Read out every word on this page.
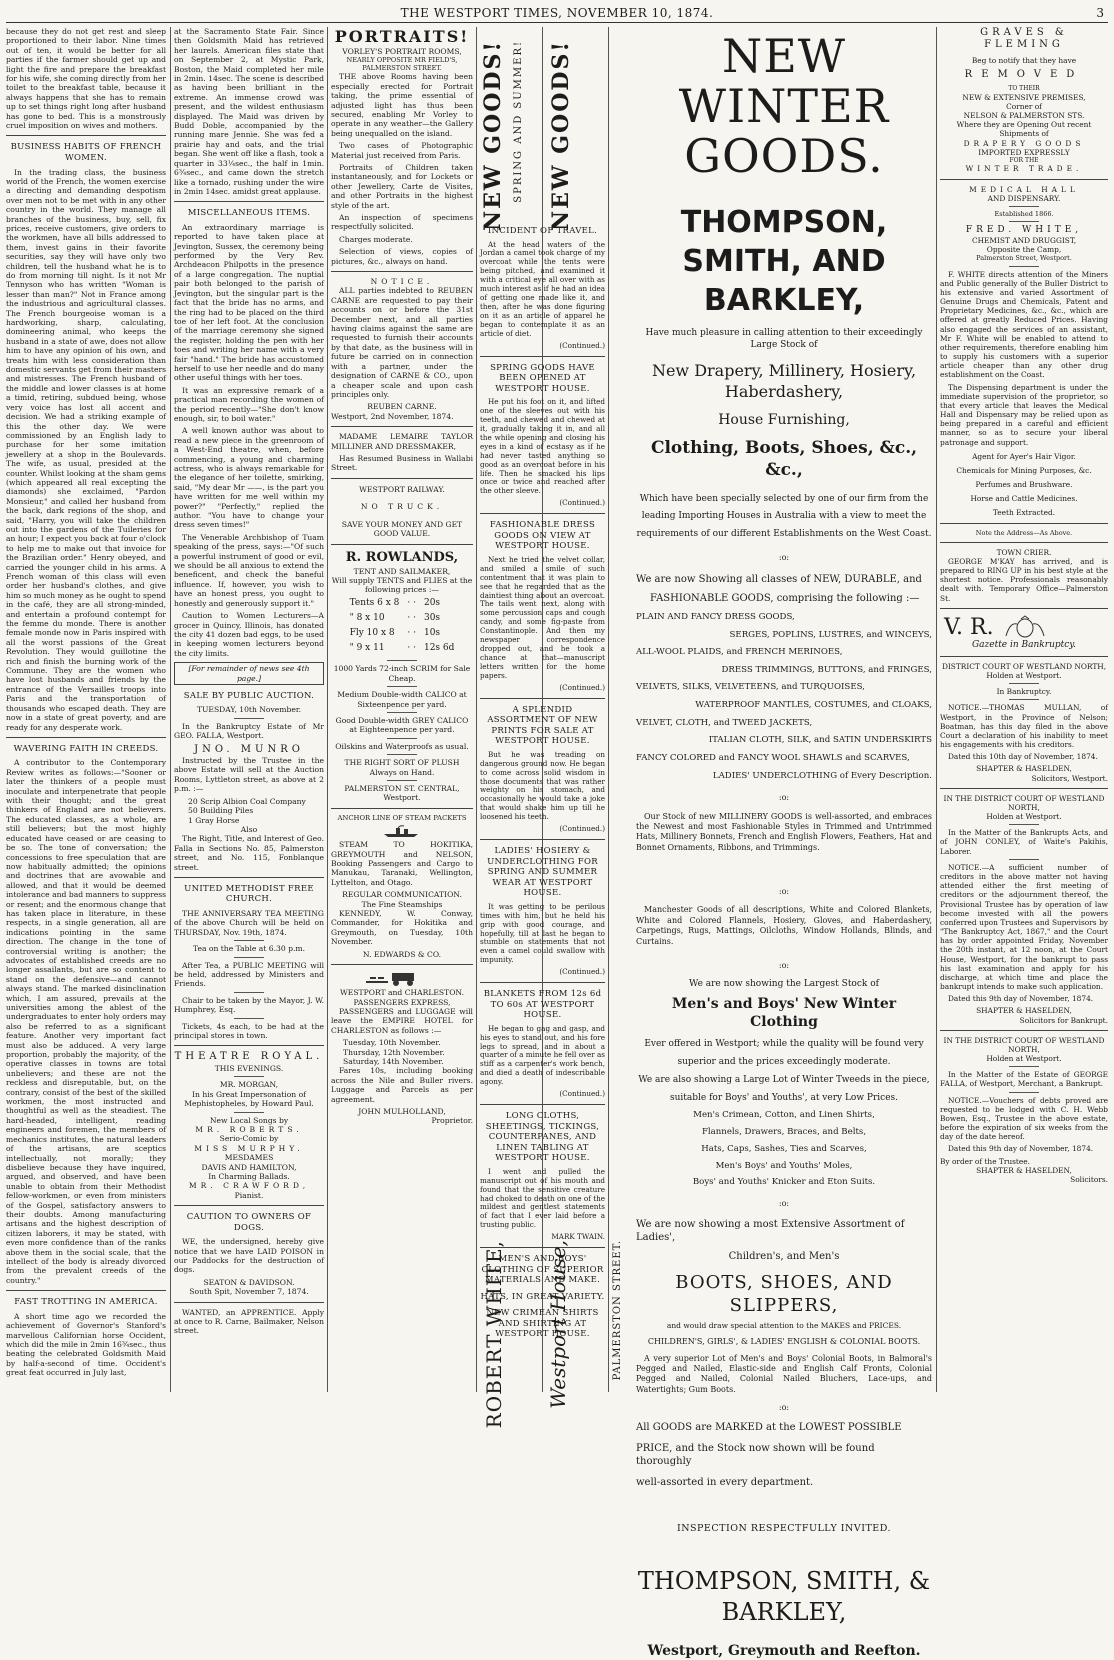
THE WESTPORT TIMES, NOVEMBER 10, 1874.	3

because they do not get rest and sleep proportioned to their labor. Nine times out of ten, it would be better for all parties if the farmer should get up and light the fire and prepare the breakfast for his wife, she coming directly from her toilet to the breakfast table, because it always happens that she has to remain up to set things right long after husband has gone to bed. This is a monstrously cruel imposition on wives and mothers.

BUSINESS HABITS OF FRENCH WOMEN.

In the trading class, the business world of the French, the women exercise a directing and demanding despotism over men not to be met with in any other country in the world. They manage all branches of the business, buy, sell, fix prices, receive customers, give orders to the workmen, have all bills addressed to them, invest gains in their favorite securities, say they will have only two children, tell the husband what he is to do from morning till night. Is it not Mr Tennyson who has written "Woman is lesser than man?" Not in France among the industrious and agricultural classes. The French bourgeoise woman is a hardworking, sharp, calculating, domineering animal, who keeps the husband in a state of awe, does not allow him to have any opinion of his own, and treats him with less consideration than domestic servants get from their masters and mistresses. The French husband of the middle and lower classes is at home a timid, retiring, subdued being, whose very voice has lost all accent and decision. We had a striking example of this the other day. We were commissioned by an English lady to purchase for her some imitation jewellery at a shop in the Boulevards. The wife, as usual, presided at the counter. Whilst looking at the sham gems (which appeared all real excepting the diamonds) she exclaimed, "Pardon Monsieur," and called her husband from the back, dark regions of the shop, and said, "Harry, you will take the children out into the gardens of the Tuileries for an hour; I expect you back at four o'clock to help me to make out that invoice for the Brazilian order." Henry obeyed, and carried the younger child in his arms. A French woman of this class will even order her husband's clothes, and give him so much money as he ought to spend in the café, they are all strong-minded, and entertain a profound contempt for the femme du monde. There is another female monde now in Paris inspired with all the worst passions of the Great Revolution. They would guillotine the rich and finish the burning work of the Commune. They are the women who have lost husbands and friends by the entrance of the Versailles troops into Paris and the transportation of thousands who escaped death. They are now in a state of great poverty, and are ready for any desperate work.

WAVERING FAITH IN CREEDS.

A contributor to the Contemporary Review writes as follows:—"Sooner or later the thinkers of a people must inoculate and interpenetrate that people with their thought; and the great thinkers of England are not believers. The educated classes, as a whole, are still believers; but the most highly educated have ceased or are ceasing to be so. The tone of conversation; the concessions to free speculation that are now habitually admitted; the opinions and doctrines that are avowable and allowed, and that it would be deemed intolerance and bad manners to suppress or resent; and the enormous change that has taken place in literature, in these respects, in a single generation, all are indications pointing in the same direction. The change in the tone of controversial writing is another; the advocates of established creeds are no longer assailants, but are so content to stand on the defensive—and cannot always stand. The marked disinclination which, I am assured, prevails at the universities among the ablest of the undergraduates to enter holy orders may also be referred to as a significant feature. Another very important fact must also be adduced. A very large proportion, probably the majority, of the operative classes in towns are total unbelievers; and these are not the reckless and disreputable, but, on the contrary, consist of the best of the skilled workmen, the most instructed and thoughtful as well as the steadiest. The hard-headed, intelligent, reading engineers and foremen, the members of mechanics institutes, the natural leaders of the artisans, are sceptics intellectually, not morally; they disbelieve because they have inquired, argued, and observed, and have been unable to obtain from their Methodist fellow-workmen, or even from ministers of the Gospel, satisfactory answers to their doubts. Among manufacturing artisans and the highest description of citizen laborers, it may be stated, with even more confidence than of the ranks above them in the social scale, that the intellect of the body is already divorced from the prevalent creeds of the country."

FAST TROTTING IN AMERICA.

A short time ago we recorded the achievement of Governor's Stanford's marvellous Californian horse Occident, which did the mile in 2min 16¾sec., thus beating the celebrated Goldsmith Maid by half-a-second of time. Occident's great feat occurred in July last,

at the Sacramento State Fair. Since then Goldsmith Maid has retrieved her laurels. American files state that on September 2, at Mystic Park, Boston, the Maid completed her mile in 2min. 14sec. The scene is described as having been brilliant in the extreme. An immense crowd was present, and the wildest enthusiasm displayed. The Maid was driven by Budd Doble, accompanied by the running mare Jennie. She was fed a prairie hay and oats, and the trial began. She went off like a flash, took a quarter in 33¼sec., the half in 1min. 6¾sec., and came down the stretch like a tornado, rushing under the wire in 2min 14sec. amidst great applause.

MISCELLANEOUS ITEMS.

An extraordinary marriage is reported to have taken place at Jevington, Sussex, the ceremony being performed by the Very Rev. Archdeacon Philpotts in the presence of a large congregation. The nuptial pair both belonged to the parish of Jevington, but the singular part is the fact that the bride has no arms, and the ring had to be placed on the third toe of her left foot. At the conclusion of the marriage ceremony she signed the register, holding the pen with her toes and writing her name with a very fair "hand." The bride has accustomed herself to use her needle and do many other useful things with her toes.

It was an expressive remark of a practical man recording the women of the period recently—"She don't know enough, sir, to boil water."

A well known author was about to read a new piece in the greenroom of a West-End theatre, when, before commencing, a young and charming actress, who is always remarkable for the elegance of her toilette, smirking, said, "My dear Mr ——, is the part you have written for me well within my power?" "Perfectly," replied the author. "You have to change your dress seven times!"

The Venerable Archbishop of Tuam speaking of the press, says:—"Of such a powerful instrument of good or evil, we should be all anxious to extend the beneficent, and check the baneful influence. If, however, you wish to have an honest press, you ought to honestly and generously support it."

Caution to Women Lecturers—A grocer in Quincy, Illinois, has donated the city 41 dozen bad eggs, to be used in keeping women lecturers beyond the city limits.

[For remainder of news see 4th page.]
SALE BY PUBLIC AUCTION.
TUESDAY, 10th November.

In the Bankruptcy Estate of Mr GEO. FALLA, Westport.

JNO. MUNRO

Instructed by the Trustee in the above Estate will sell at the Auction Rooms, Lyttleton street, as above at 2 p.m. :—

20 Scrip Albion Coal Company
50 Building Piles
1 Gray Horse
Also

The Right, Title, and Interest of Geo. Falla in Sections No. 85, Palmerston street, and No. 115, Fonblanque street.

UNITED METHODIST FREE CHURCH.

THE ANNIVERSARY TEA MEETING of the above Church will be held on THURSDAY, Nov. 19th, 1874.

Tea on the Table at 6.30 p.m.

After Tea, a PUBLIC MEETING will be held, addressed by Ministers and Friends.

Chair to be taken by the Mayor, J. W. Humphrey, Esq.

Tickets, 4s each, to be had at the principal stores in town.

THEATRE ROYAL.
THIS EVENINGS.
MR. MORGAN,
In his Great Impersonation of Mephistopheles, by Howard Paul.
New Local Songs by
MR. ROBERTS.
Serio-Comic by
MISS MURPHY.
MESDAMES
DAVIS AND HAMILTON,
In Charming Ballads.
MR. CRAWFORD,
Pianist.
CAUTION TO OWNERS OF DOGS.

WE, the undersigned, hereby give notice that we have LAID POISON in our Paddocks for the destruction of dogs.

SEATON & DAVIDSON.
South Spit, November 7, 1874.

WANTED, an APPRENTICE. Apply at once to R. Carne, Bailmaker, Nelson street.

PORTRAITS!
VORLEY'S PORTRAIT ROOMS,
NEARLY OPPOSITE MR FIELD'S,
PALMERSTON STREET.

THE above Rooms having been especially erected for Portrait taking, the prime essential of adjusted light has thus been secured, enabling Mr Vorley to operate in any weather—the Gallery being unequalled on the island.

Two cases of Photographic Material just received from Paris.

Portraits of Children taken instantaneously, and for Lockets or other Jewellery, Carte de Visites, and other Portraits in the highest style of the art.

An inspection of specimens respectfully solicited.

Charges moderate.

Selection of views, copies of pictures, &c., always on hand.

NOTICE.

ALL parties indebted to REUBEN CARNE are requested to pay their accounts on or before the 31st December next, and all parties having claims against the same are requested to furnish their accounts by that date, as the business will in future be carried on in connection with a partner, under the designation of CARNE & CO., upon a cheaper scale and upon cash principles only.

REUBEN CARNE.
Westport, 2nd November, 1874.

MADAME LEMAIRE TAYLOR MILLINER AND DRESSMAKER,

Has Resumed Business in Wallabi Street.

WESTPORT RAILWAY.
NO TRUCK.
SAVE YOUR MONEY AND GET GOOD VALUE.
R. ROWLANDS,
TENT AND SAILMAKER,
Will supply TENTS and FLIES at the following prices :—
Tents 6 x 8	· ·	20s
" 8 x 10	· ·	30s
Fly 10 x 8	· ·	10s
" 9 x 11	· ·	12s 6d
1000 Yards 72-inch SCRIM for Sale Cheap.
Medium Double-width CALICO at Sixteenpence per yard.
Good Double-width GREY CALICO at Eighteenpence per yard.
Oilskins and Waterproofs as usual.
THE RIGHT SORT OF PLUSH Always on Hand.
PALMERSTON ST. CENTRAL, Westport.
ANCHOR LINE OF STEAM PACKETS

STEAM TO HOKITIKA, GREYMOUTH and NELSON, Booking Passengers and Cargo to Manukau, Taranaki, Wellington, Lyttelton, and Otago.

REGULAR COMMUNICATION.
The Fine Steamships

KENNEDY, W. Conway, Commander, for Hokitika and Greymouth, on Tuesday, 10th November.

N. EDWARDS & CO.
WESTPORT and CHARLESTON.
PASSENGERS EXPRESS,

PASSENGERS and LUGGAGE will leave the EMPIRE HOTEL for CHARLESTON as follows :—

Tuesday, 10th November.
Thursday, 12th November.
Saturday, 14th November.

Fares 10s, including booking across the Nile and Buller rivers. Luggage and Parcels as per agreement.

JOHN MULHOLLAND,
Proprietor.
NEW GOODS! SPRING AND SUMMER! NEW GOODS!
INCIDENT OF TRAVEL.

At the head waters of the Jordan a camel took charge of my overcoat while the tents were being pitched, and examined it with a critical eye all over with as much interest as if he had an idea of getting one made like it, and then, after he was done figuring on it as an article of apparel he began to contemplate it as an article of diet.

(Continued.)
SPRING GOODS HAVE BEEN OPENED AT WESTPORT HOUSE.

He put his foot on it, and lifted one of the sleeves out with his teeth, and chewed and chewed at it, gradually taking it in, and all the while opening and closing his eyes in a kind of ecstasy as if he had never tasted anything so good as an overcoat before in his life. Then he smacked his lips once or twice and reached after the other sleeve.

(Continued.)
FASHIONABLE DRESS GOODS ON VIEW AT WESTPORT HOUSE.

Next he tried the velvet collar, and smiled a smile of such contentment that it was plain to see that he regarded that as the daintiest thing about an overcoat. The tails went next, along with some percussion caps and cough candy, and some fig-paste from Constantinople. And then my newspaper correspondence dropped out, and he took a chance at that—manuscript letters written for the home papers.

(Continued.)
A SPLENDID ASSORTMENT OF NEW PRINTS FOR SALE AT WESTPORT HOUSE.

But he was treading on dangerous ground now. He began to come across solid wisdom in those documents that was rather weighty on his stomach, and occasionally he would take a joke that would shake him up till he loosened his teeth.

(Continued.)
LADIES' HOSIERY & UNDERCLOTHING FOR SPRING AND SUMMER WEAR AT WESTPORT HOUSE.

It was getting to be perilous times with him, but he held his grip with good courage, and hopefully, till at last he began to stumble on statements that not even a camel could swallow with impunity.

(Continued.)
BLANKETS FROM 12s 6d TO 60s AT WESTPORT HOUSE.

He began to gag and gasp, and his eyes to stand out, and his fore legs to spread, and in about a quarter of a minute he fell over as stiff as a carpenter's work bench, and died a death of indescribable agony.

(Continued.)
LONG CLOTHS, SHEETINGS, TICKINGS, COUNTERPANES, AND LINEN TABLING AT WESTPORT HOUSE.

I went and pulled the manuscript out of his mouth and found that the sensitive creature had choked to death on one of the mildest and gentlest statements of fact that I ever laid before a trusting public.

MARK TWAIN.
MEN'S AND BOYS' CLOTHING OF SUPERIOR MATERIALS AND MAKE.
HATS, IN GREAT VARIETY.
NEW CRIMEAN SHIRTS AND SHIRTING AT WESTPORT HOUSE.
ROBERT WHITE, Westport House,	PALMERSTON STREET.
NEW WINTER GOODS.
THOMPSON, SMITH, AND BARKLEY,
Have much pleasure in calling attention to their exceedingly Large Stock of
New Drapery, Millinery, Hosiery, Haberdashery,
House Furnishing,
Clothing, Boots, Shoes, &c., &c.,
Which have been specially selected by one of our firm from the leading Importing Houses in Australia with a view to meet the requirements of our different Establishments on the West Coast.
:o:
We are now Showing all classes of NEW, DURABLE, and
FASHIONABLE GOODS, comprising the following :—
PLAIN AND FANCY DRESS GOODS,
SERGES, POPLINS, LUSTRES, and WINCEYS,
ALL-WOOL PLAIDS, and FRENCH MERINOES,
DRESS TRIMMINGS, BUTTONS, and FRINGES,
VELVETS, SILKS, VELVETEENS, and TURQUOISES,
WATERPROOF MANTLES, COSTUMES, and CLOAKS,
VELVET, CLOTH, and TWEED JACKETS,
ITALIAN CLOTH, SILK, and SATIN UNDERSKIRTS
FANCY COLORED and FANCY WOOL SHAWLS and SCARVES,
LADIES' UNDERCLOTHING of Every Description.
:o:

Our Stock of new MILLINERY GOODS is well-assorted, and embraces the Newest and most Fashionable Styles in Trimmed and Untrimmed Hats, Millinery Bonnets, French and English Flowers, Feathers, Hat and Bonnet Ornaments, Ribbons, and Trimmings.

:o:

Manchester Goods of all descriptions, White and Colored Blankets, White and Colored Flannels, Hosiery, Gloves, and Haberdashery, Carpetings, Rugs, Mattings, Oilcloths, Window Hollands, Blinds, and Curtains.

:o:
We are now showing the Largest Stock of
Men's and Boys' New Winter Clothing
Ever offered in Westport; while the quality will be found very superior and the prices exceedingly moderate.
We are also showing a Large Lot of Winter Tweeds in the piece, suitable for Boys' and Youths', at very Low Prices.
Men's Crimean, Cotton, and Linen Shirts,
Flannels, Drawers, Braces, and Belts,
Hats, Caps, Sashes, Ties and Scarves,
Men's Boys' and Youths' Moles,
Boys' and Youths' Knicker and Eton Suits.
:o:
We are now showing a most Extensive Assortment of Ladies',
Children's, and Men's
BOOTS, SHOES, AND SLIPPERS,
and would draw special attention to the MAKES and PRICES.
CHILDREN'S, GIRLS', & LADIES' ENGLISH & COLONIAL BOOTS.

A very superior Lot of Men's and Boys' Colonial Boots, in Balmoral's Pegged and Nailed, Elastic-side and English Calf Fronts, Colonial Pegged and Nailed, Colonial Nailed Bluchers, Lace-ups, and Watertights; Gum Boots.

:o:
All GOODS are MARKED at the LOWEST POSSIBLE
PRICE, and the Stock now shown will be found thoroughly
well-assorted in every department.
INSPECTION RESPECTFULLY INVITED.
THOMPSON, SMITH, & BARKLEY,
Westport, Greymouth and Reefton.
GRAVES & FLEMING
Beg to notify that they have
REMOVED
TO THEIR
NEW & EXTENSIVE PREMISES,
Corner of
NELSON & PALMERSTON STS.
Where they are Opening Out recent
Shipments of
DRAPERY GOODS
IMPORTED EXPRESSLY
FOR THE
WINTER TRADE.
MEDICAL HALL
AND DISPENSARY.
Established 1866.
FRED. WHITE,
CHEMIST AND DRUGGIST,
Opposite the Camp,
Palmerston Street, Westport.

F. WHITE directs attention of the Miners and Public generally of the Buller District to his extensive and varied Assortment of Genuine Drugs and Chemicals, Patent and Proprietary Medicines, &c., &c., which are offered at greatly Reduced Prices. Having also engaged the services of an assistant, Mr F. White will be enabled to attend to other requirements, therefore enabling him to supply his customers with a superior article cheaper than any other drug establishment on the Coast.

The Dispensing department is under the immediate supervision of the proprietor, so that every article that leaves the Medical Hall and Dispensary may be relied upon as being prepared in a careful and efficient manner, so as to secure your liberal patronage and support.

Agent for Ayer's Hair Vigor.
Chemicals for Mining Purposes, &c.
Perfumes and Brushware.
Horse and Cattle Medicines.
Teeth Extracted.
Note the Address—As Above.
TOWN CRIER.

GEORGE M'KAY has arrived, and is prepared to RING UP in his best style at the shortest notice. Professionals reasonably dealt with. Temporary Office—Palmerston St.

V. R.
Gazette in Bankruptcy.
DISTRICT COURT OF WESTLAND NORTH,
Holden at Westport.
In Bankruptcy.

NOTICE.—THOMAS MULLAN, of Westport, in the Province of Nelson; Boatman, has this day filed in the above Court a declaration of his inability to meet his engagements with his creditors.

Dated this 10th day of November, 1874.

SHAPTER & HASELDEN,
Solicitors, Westport.
IN THE DISTRICT COURT OF WESTLAND NORTH,
Holden at Westport.

In the Matter of the Bankrupts Acts, and of JOHN CONLEY, of Waite's Pakihis, Laborer.

NOTICE.—A sufficient number of creditors in the above matter not having attended either the first meeting of creditors or the adjournment thereof, the Provisional Trustee has by operation of law become invested with all the powers conferred upon Trustees and Supervisors by "The Bankruptcy Act, 1867," and the Court has by order appointed Friday, November the 20th instant, at 12 noon, at the Court House, Westport, for the bankrupt to pass his last examination and apply for his discharge, at which time and place the bankrupt intends to make such application.

Dated this 9th day of November, 1874.

SHAPTER & HASELDEN,
Solicitors for Bankrupt.
IN THE DISTRICT COURT OF WESTLAND NORTH,
Holden at Westport.

In the Matter of the Estate of GEORGE FALLA, of Westport, Merchant, a Bankrupt.

NOTICE.—Vouchers of debts proved are requested to be lodged with C. H. Webb Bowen, Esq., Trustee in the above estate, before the expiration of six weeks from the day of the date hereof.

Dated this 9th day of November, 1874.

By order of the Trustee.
SHAPTER & HASELDEN,
Solicitors.
